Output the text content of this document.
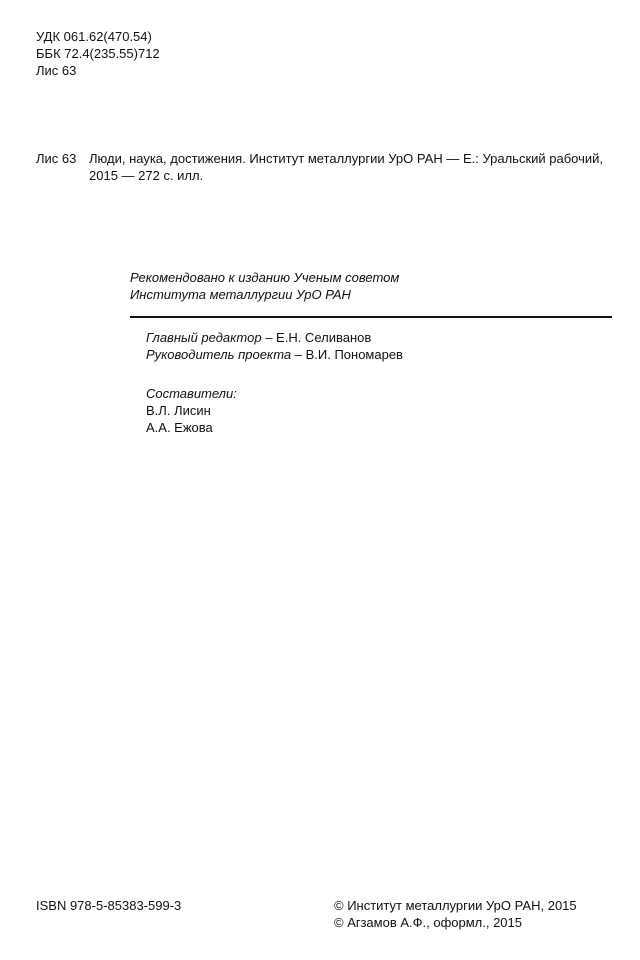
УДК 061.62(470.54)
ББК 72.4(235.55)712
Лис 63
Лис 63 Люди, наука, достижения. Институт металлургии УрО РАН — Е.: Уральский рабочий,
2015 — 272 с. илл.
Рекомендовано к изданию Ученым советом
Института металлургии УрО РАН
Главный редактор – Е.Н. Селиванов
Руководитель проекта – В.И. Пономарев
Составители:
В.Л. Лисин
А.А. Ежова
ISBN 978-5-85383-599-3	© Институт металлургии УрО РАН, 2015
© Агзамов А.Ф., оформл., 2015
